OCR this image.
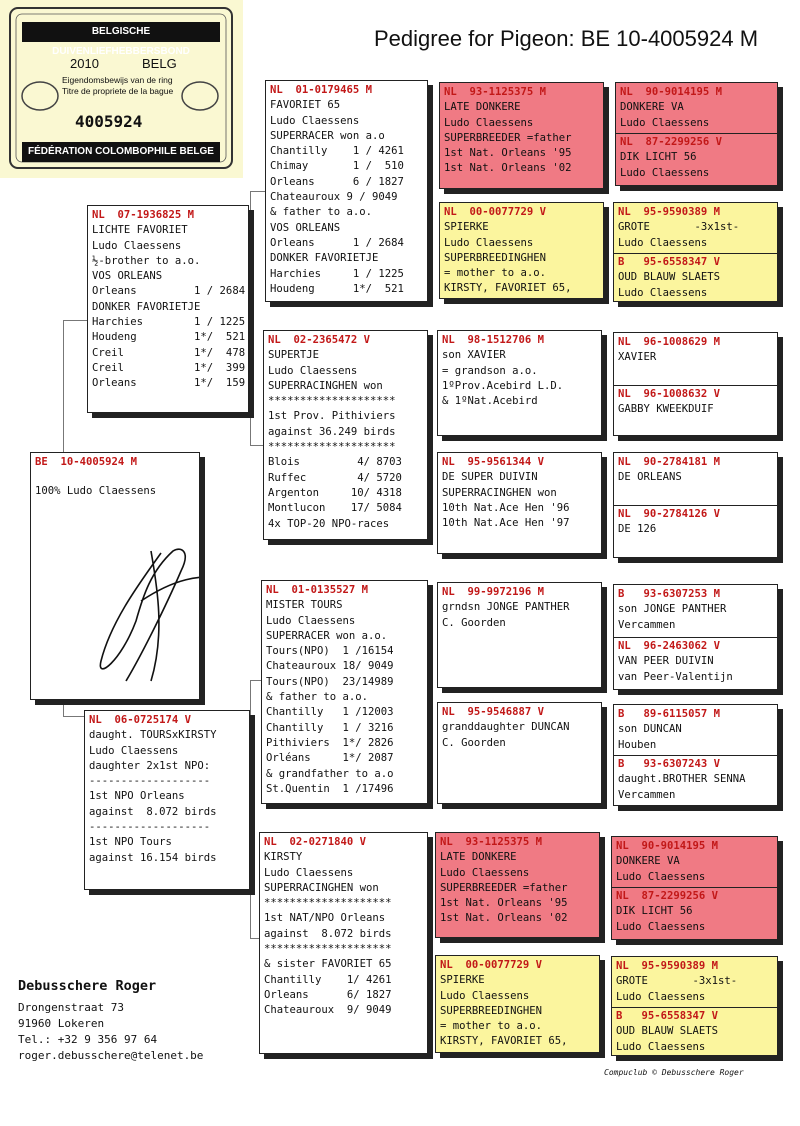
Pedigree for Pigeon: BE 10-4005924 M
BELGISCHE DUIVENLIEFHEBBERSBOND
2010	BELG
Eigendomsbewijs van de ring
Titre de propriete de la bague
4005924
FÉDÉRATION COLOMBOPHILE BELGE
BE  10-4005924 M
100% Ludo Claessens
NL  07-1936825 M
LICHTE FAVORIET
Ludo Claessens
½-brother to a.o.
VOS ORLEANS
Orleans         1 / 2684
DONKER FAVORIETJE
Harchies        1 / 1225
Houdeng         1*/  521
Creil           1*/  478
Creil           1*/  399
Orleans         1*/  159
NL  06-0725174 V
daught. TOURSxKIRSTY
Ludo Claessens
daughter 2x1st NPO:
-------------------
1st NPO Orleans
against  8.072 birds
-------------------
1st NPO Tours
against 16.154 birds
NL  01-0179465 M
FAVORIET 65
Ludo Claessens
SUPERRACER won a.o
Chantilly    1 / 4261
Chimay       1 /  510
Orleans      6 / 1827
Chateauroux 9 / 9049
& father to a.o.
VOS ORLEANS
Orleans      1 / 2684
DONKER FAVORIETJE
Harchies     1 / 1225
Houdeng      1*/  521
NL  02-2365472 V
SUPERTJE
Ludo Claessens
SUPERRACINGHEN won
********************
1st Prov. Pithiviers
against 36.249 birds
********************
Blois         4/ 8703
Ruffec        4/ 5720
Argenton     10/ 4318
Montlucon    17/ 5084
4x TOP-20 NPO-races
NL  01-0135527 M
MISTER TOURS
Ludo Claessens
SUPERRACER won a.o.
Tours(NPO)  1 /16154
Chateauroux 18/ 9049
Tours(NPO)  23/14989
& father to a.o.
Chantilly   1 /12003
Chantilly   1 / 3216
Pithiviers  1*/ 2826
Orléans     1*/ 2087
& grandfather to a.o
St.Quentin  1 /17496
NL  02-0271840 V
KIRSTY
Ludo Claessens
SUPERRACINGHEN won
********************
1st NAT/NPO Orleans
against  8.072 birds
********************
& sister FAVORIET 65
Chantilly    1/ 4261
Orleans      6/ 1827
Chateauroux  9/ 9049
NL  93-1125375 M
LATE DONKERE
Ludo Claessens
SUPERBREEDER =father
1st Nat. Orleans '95
1st Nat. Orleans '02
NL  00-0077729 V
SPIERKE
Ludo Claessens
SUPERBREEDINGHEN
= mother to a.o.
KIRSTY, FAVORIET 65,
NL  98-1512706 M
son XAVIER
= grandson a.o.
1ºProv.Acebird L.D.
& 1ºNat.Acebird
NL  95-9561344 V
DE SUPER DUIVIN
SUPERRACINGHEN won
10th Nat.Ace Hen '96
10th Nat.Ace Hen '97
NL  99-9972196 M
grndsn JONGE PANTHER
C. Goorden
NL  95-9546887 V
granddaughter DUNCAN
C. Goorden
NL  93-1125375 M
LATE DONKERE
Ludo Claessens
SUPERBREEDER =father
1st Nat. Orleans '95
1st Nat. Orleans '02
NL  00-0077729 V
SPIERKE
Ludo Claessens
SUPERBREEDINGHEN
= mother to a.o.
KIRSTY, FAVORIET 65,
NL  90-9014195 M
DONKERE VA
Ludo Claessens
NL  87-2299256 V
DIK LICHT 56
Ludo Claessens
NL  95-9590389 M
GROTE       -3x1st-
Ludo Claessens
B   95-6558347 V
OUD BLAUW SLAETS
Ludo Claessens
NL  96-1008629 M
XAVIER
NL  96-1008632 V
GABBY KWEEKDUIF
NL  90-2784181 M
DE ORLEANS
NL  90-2784126 V
DE 126
B   93-6307253 M
son JONGE PANTHER
Vercammen
NL  96-2463062 V
VAN PEER DUIVIN
van Peer-Valentijn
B   89-6115057 M
son DUNCAN
Houben
B   93-6307243 V
daught.BROTHER SENNA
Vercammen
NL  90-9014195 M
DONKERE VA
Ludo Claessens
NL  87-2299256 V
DIK LICHT 56
Ludo Claessens
NL  95-9590389 M
GROTE       -3x1st-
Ludo Claessens
B   95-6558347 V
OUD BLAUW SLAETS
Ludo Claessens
Debusschere Roger
Drongenstraat 73
91960 Lokeren
Tel.: +32 9 356 97 64
roger.debusschere@telenet.be
Compuclub © Debusschere Roger
